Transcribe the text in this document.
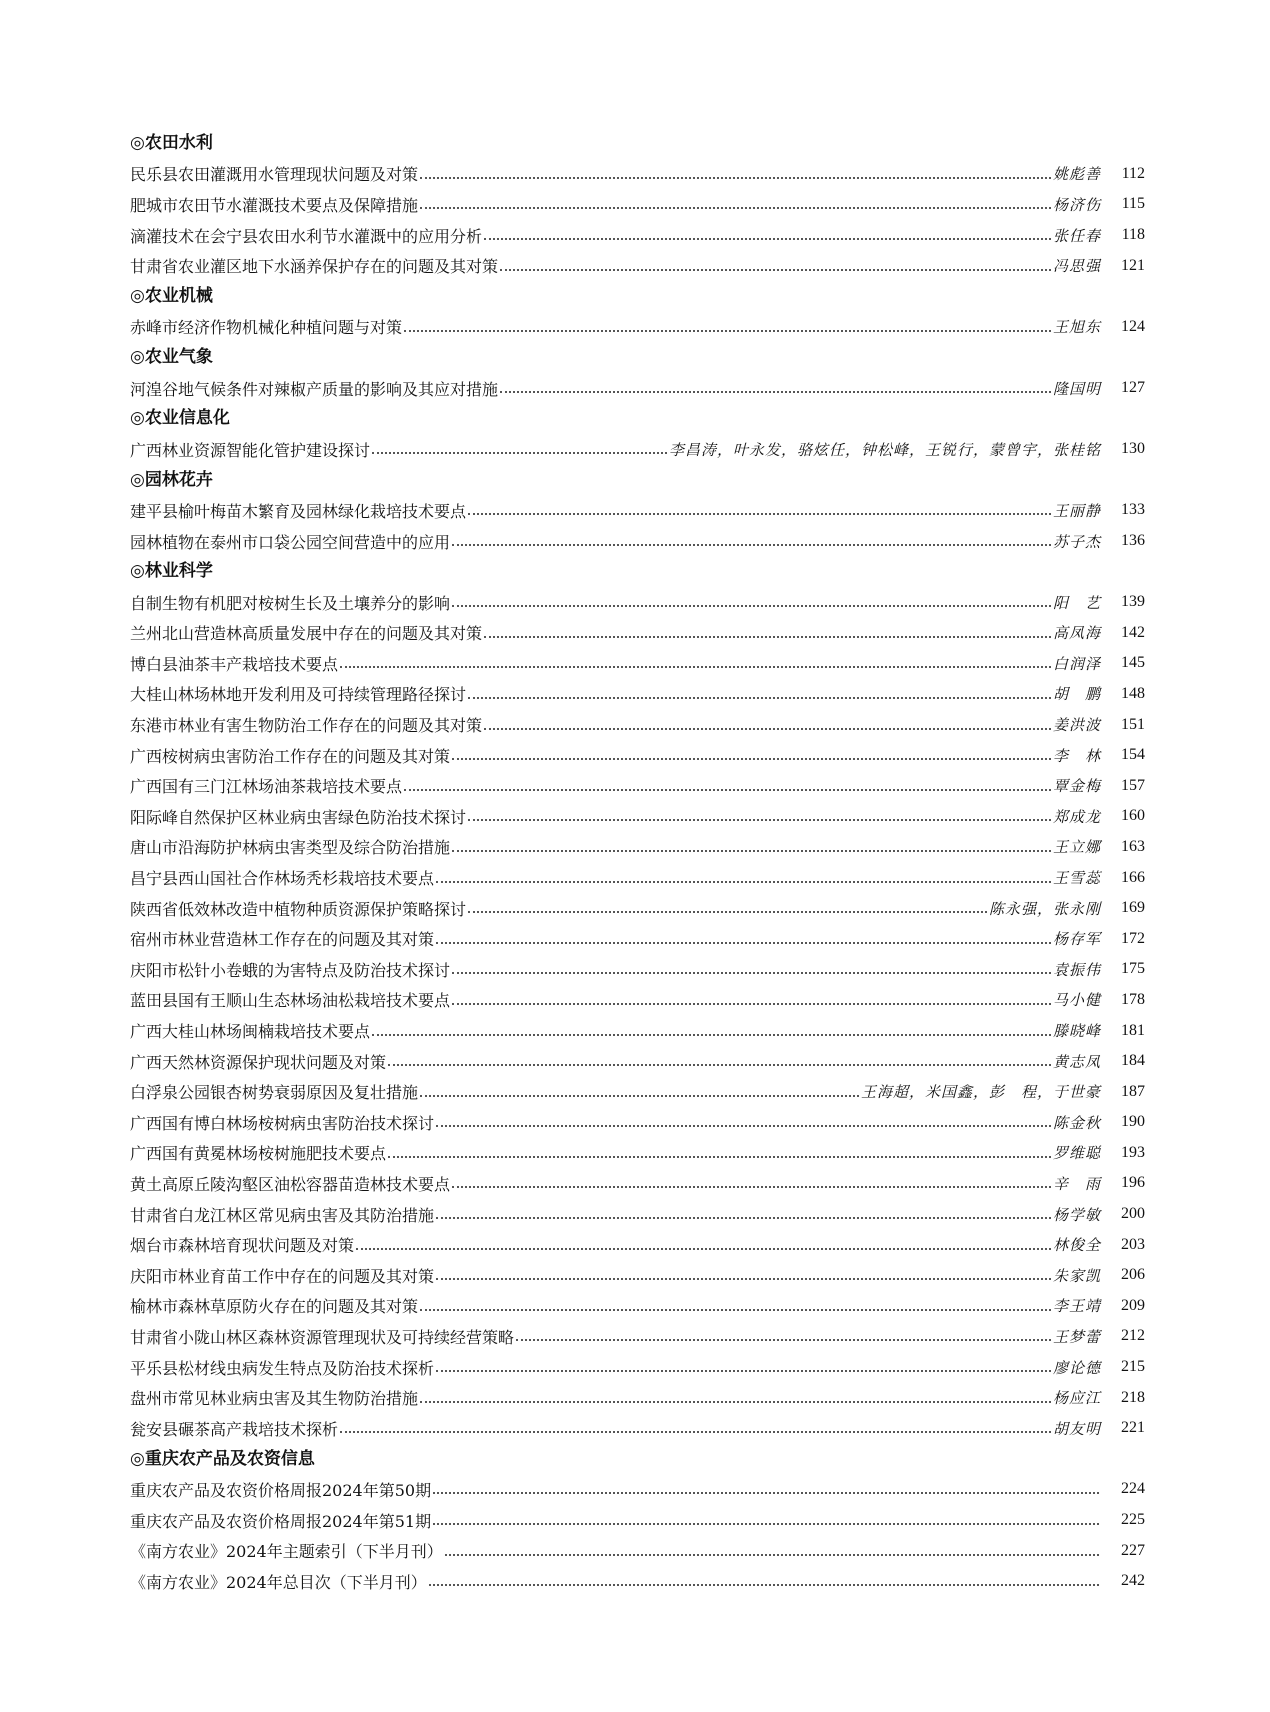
◎农田水利
民乐县农田灌溉用水管理现状问题及对策	姚彪善	112
肥城市农田节水灌溉技术要点及保障措施	杨济伤	115
滴灌技术在会宁县农田水利节水灌溉中的应用分析	张任春	118
甘肃省农业灌区地下水涵养保护存在的问题及其对策	冯思强	121
◎农业机械
赤峰市经济作物机械化种植问题与对策	王旭东	124
◎农业气象
河湟谷地气候条件对辣椒产质量的影响及其应对措施	隆国明	127
◎农业信息化
广西林业资源智能化管护建设探讨	李昌涛，叶永发，骆炫任，钟松峰，王锐行，蒙曾宇，张桂铭	130
◎园林花卉
建平县榆叶梅苗木繁育及园林绿化栽培技术要点	王丽静	133
园林植物在泰州市口袋公园空间营造中的应用	苏子杰	136
◎林业科学
自制生物有机肥对桉树生长及土壤养分的影响	阳　艺	139
兰州北山营造林高质量发展中存在的问题及其对策	高凤海	142
博白县油茶丰产栽培技术要点	白润泽	145
大桂山林场林地开发利用及可持续管理路径探讨	胡　鹏	148
东港市林业有害生物防治工作存在的问题及其对策	姜洪波	151
广西桉树病虫害防治工作存在的问题及其对策	李　林	154
广西国有三门江林场油茶栽培技术要点	覃金梅	157
阳际峰自然保护区林业病虫害绿色防治技术探讨	郑成龙	160
唐山市沿海防护林病虫害类型及综合防治措施	王立娜	163
昌宁县西山国社合作林场秃杉栽培技术要点	王雪蕊	166
陕西省低效林改造中植物种质资源保护策略探讨	陈永强，张永刚	169
宿州市林业营造林工作存在的问题及其对策	杨存军	172
庆阳市松针小卷蛾的为害特点及防治技术探讨	袁振伟	175
蓝田县国有王顺山生态林场油松栽培技术要点	马小健	178
广西大桂山林场闽楠栽培技术要点	滕晓峰	181
广西天然林资源保护现状问题及对策	黄志凤	184
白浮泉公园银杏树势衰弱原因及复壮措施	王海超，米国鑫，彭　程，于世豪	187
广西国有博白林场桉树病虫害防治技术探讨	陈金秋	190
广西国有黄冕林场桉树施肥技术要点	罗维聪	193
黄土高原丘陵沟壑区油松容器苗造林技术要点	辛　雨	196
甘肃省白龙江林区常见病虫害及其防治措施	杨学敏	200
烟台市森林培育现状问题及对策	林俊全	203
庆阳市林业育苗工作中存在的问题及其对策	朱家凯	206
榆林市森林草原防火存在的问题及其对策	李王靖	209
甘肃省小陇山林区森林资源管理现状及可持续经营策略	王梦蕾	212
平乐县松材线虫病发生特点及防治技术探析	廖论德	215
盘州市常见林业病虫害及其生物防治措施	杨应江	218
瓮安县碾茶高产栽培技术探析	胡友明	221
◎重庆农产品及农资信息
重庆农产品及农资价格周报2024年第50期	224
重庆农产品及农资价格周报2024年第51期	225
《南方农业》2024年主题索引（下半月刊）	227
《南方农业》2024年总目次（下半月刊）	242
